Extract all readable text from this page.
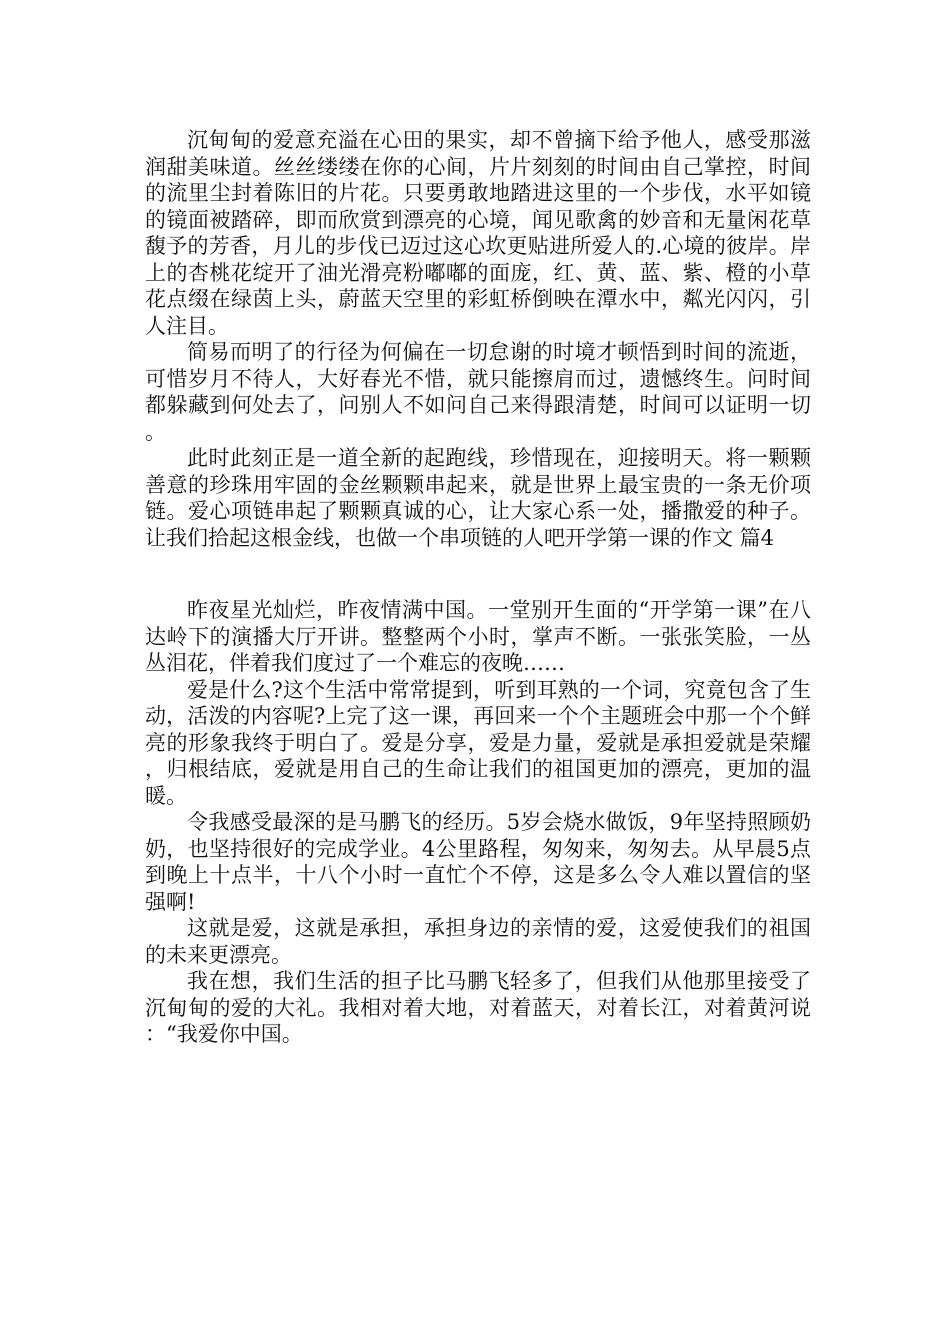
沉甸甸的爱意充溢在心田的果实，却不曾摘下给予他人，感受那滋润甜美味道。丝丝缕缕在你的心间，片片刻刻的时间由自己掌控，时间的流里尘封着陈旧的片花。只要勇敢地踏进这里的一个步伐，水平如镜的镜面被踏碎，即而欣赏到漂亮的心境，闻见歌禽的妙音和无量闲花草馥予的芳香，月儿的步伐已迈过这心坎更贴进所爱人的.心境的彼岸。岸上的杏桃花绽开了油光滑亮粉嘟嘟的面庞，红、黄、蓝、紫、橙的小草花点缀在绿茵上头，蔚蓝天空里的彩虹桥倒映在潭水中，粼光闪闪，引人注目。

简易而明了的行径为何偏在一切怠谢的时境才顿悟到时间的流逝，可惜岁月不待人，大好春光不惜，就只能擦肩而过，遗憾终生。问时间都躲藏到何处去了，问别人不如问自己来得跟清楚，时间可以证明一切。

此时此刻正是一道全新的起跑线，珍惜现在，迎接明天。将一颗颗善意的珍珠用牢固的金丝颗颗串起来，就是世界上最宝贵的一条无价项链。爱心项链串起了颗颗真诚的心，让大家心系一处，播撒爱的种子。让我们拾起这根金线，也做一个串项链的人吧开学第一课的作文 篇4

昨夜星光灿烂，昨夜情满中国。一堂别开生面的“开学第一课”在八达岭下的演播大厅开讲。整整两个小时，掌声不断。一张张笑脸，一丛丛泪花，伴着我们度过了一个难忘的夜晚……

爱是什么?这个生活中常常提到，听到耳熟的一个词，究竟包含了生动，活泼的内容呢?上完了这一课，再回来一个个主题班会中那一个个鲜亮的形象我终于明白了。爱是分享，爱是力量，爱就是承担爱就是荣耀，归根结底，爱就是用自己的生命让我们的祖国更加的漂亮，更加的温暖。

令我感受最深的是马鹏飞的经历。5岁会烧水做饭，9年坚持照顾奶奶，也坚持很好的完成学业。4公里路程，匆匆来，匆匆去。从早晨5点到晚上十点半，十八个小时一直忙个不停，这是多么令人难以置信的坚强啊!

这就是爱，这就是承担，承担身边的亲情的爱，这爱使我们的祖国的未来更漂亮。

我在想，我们生活的担子比马鹏飞轻多了，但我们从他那里接受了沉甸甸的爱的大礼。我相对着大地，对着蓝天，对着长江，对着黄河说：“我爱你中国。
